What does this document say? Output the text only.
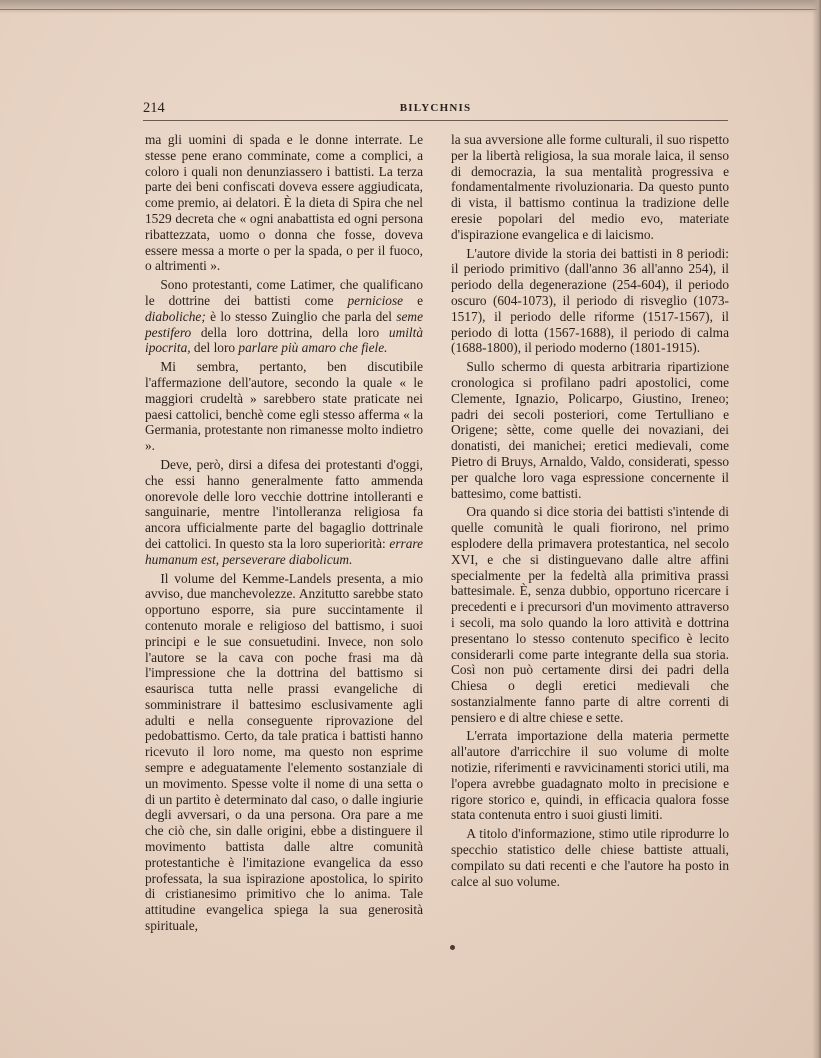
214	BILYCHNIS

ma gli uomini di spada e le donne interrate. Le stesse pene erano comminate, come a complici, a coloro i quali non denunziassero i battisti. La terza parte dei beni confiscati doveva essere aggiudicata, come premio, ai delatori. È la dieta di Spira che nel 1529 decreta che « ogni anabattista ed ogni persona ribattezzata, uomo o donna che fosse, doveva essere messa a morte o per la spada, o per il fuoco, o altrimenti ».

Sono protestanti, come Latimer, che qualificano le dottrine dei battisti come perniciose e diaboliche; è lo stesso Zuinglio che parla del seme pestifero della loro dottrina, della loro umiltà ipocrita, del loro parlare più amaro che fiele.

Mi sembra, pertanto, ben discutibile l'affermazione dell'autore, secondo la quale « le maggiori crudeltà » sarebbero state praticate nei paesi cattolici, benchè come egli stesso afferma « la Germania, protestante non rimanesse molto indietro ».

Deve, però, dirsi a difesa dei protestanti d'oggi, che essi hanno generalmente fatto ammenda onorevole delle loro vecchie dottrine intolleranti e sanguinarie, mentre l'intolleranza religiosa fa ancora ufficialmente parte del bagaglio dottrinale dei cattolici. In questo sta la loro superiorità: errare humanum est, perseverare diabolicum.

Il volume del Kemme-Landels presenta, a mio avviso, due manchevolezze. Anzitutto sarebbe stato opportuno esporre, sia pure succintamente il contenuto morale e religioso del battismo, i suoi principi e le sue consuetudini. Invece, non solo l'autore se la cava con poche frasi ma dà l'impressione che la dottrina del battismo si esaurisca tutta nelle prassi evangeliche di somministrare il battesimo esclusivamente agli adulti e nella conseguente riprovazione del pedobattismo. Certo, da tale pratica i battisti hanno ricevuto il loro nome, ma questo non esprime sempre e adeguatamente l'elemento sostanziale di un movimento. Spesse volte il nome di una setta o di un partito è determinato dal caso, o dalle ingiurie degli avversari, o da una persona. Ora pare a me che ciò che, sin dalle origini, ebbe a distinguere il movimento battista dalle altre comunità protestantiche è l'imitazione evangelica da esso professata, la sua ispirazione apostolica, lo spirito di cristianesimo primitivo che lo anima. Tale attitudine evangelica spiega la sua generosità spirituale,

la sua avversione alle forme culturali, il suo rispetto per la libertà religiosa, la sua morale laica, il senso di democrazia, la sua mentalità progressiva e fondamentalmente rivoluzionaria. Da questo punto di vista, il battismo continua la tradizione delle eresie popolari del medio evo, materiate d'ispirazione evangelica e di laicismo.

L'autore divide la storia dei battisti in 8 periodi: il periodo primitivo (dall'anno 36 all'anno 254), il periodo della degenerazione (254-604), il periodo oscuro (604-1073), il periodo di risveglio (1073-1517), il periodo delle riforme (1517-1567), il periodo di lotta (1567-1688), il periodo di calma (1688-1800), il periodo moderno (1801-1915).

Sullo schermo di questa arbitraria ripartizione cronologica si profilano padri apostolici, come Clemente, Ignazio, Policarpo, Giustino, Ireneo; padri dei secoli posteriori, come Tertulliano e Origene; sètte, come quelle dei novaziani, dei donatisti, dei manichei; eretici medievali, come Pietro di Bruys, Arnaldo, Valdo, considerati, spesso per qualche loro vaga espressione concernente il battesimo, come battisti.

Ora quando si dice storia dei battisti s'intende di quelle comunità le quali fiorirono, nel primo esplodere della primavera protestantica, nel secolo XVI, e che si distinguevano dalle altre affini specialmente per la fedeltà alla primitiva prassi battesimale. È, senza dubbio, opportuno ricercare i precedenti e i precursori d'un movimento attraverso i secoli, ma solo quando la loro attività e dottrina presentano lo stesso contenuto specifico è lecito considerarli come parte integrante della sua storia. Così non può certamente dirsi dei padri della Chiesa o degli eretici medievali che sostanzialmente fanno parte di altre correnti di pensiero e di altre chiese e sette.

L'errata importazione della materia permette all'autore d'arricchire il suo volume di molte notizie, riferimenti e ravvicinamenti storici utili, ma l'opera avrebbe guadagnato molto in precisione e rigore storico e, quindi, in efficacia qualora fosse stata contenuta entro i suoi giusti limiti.

A titolo d'informazione, stimo utile riprodurre lo specchio statistico delle chiese battiste attuali, compilato su dati recenti e che l'autore ha posto in calce al suo volume.
